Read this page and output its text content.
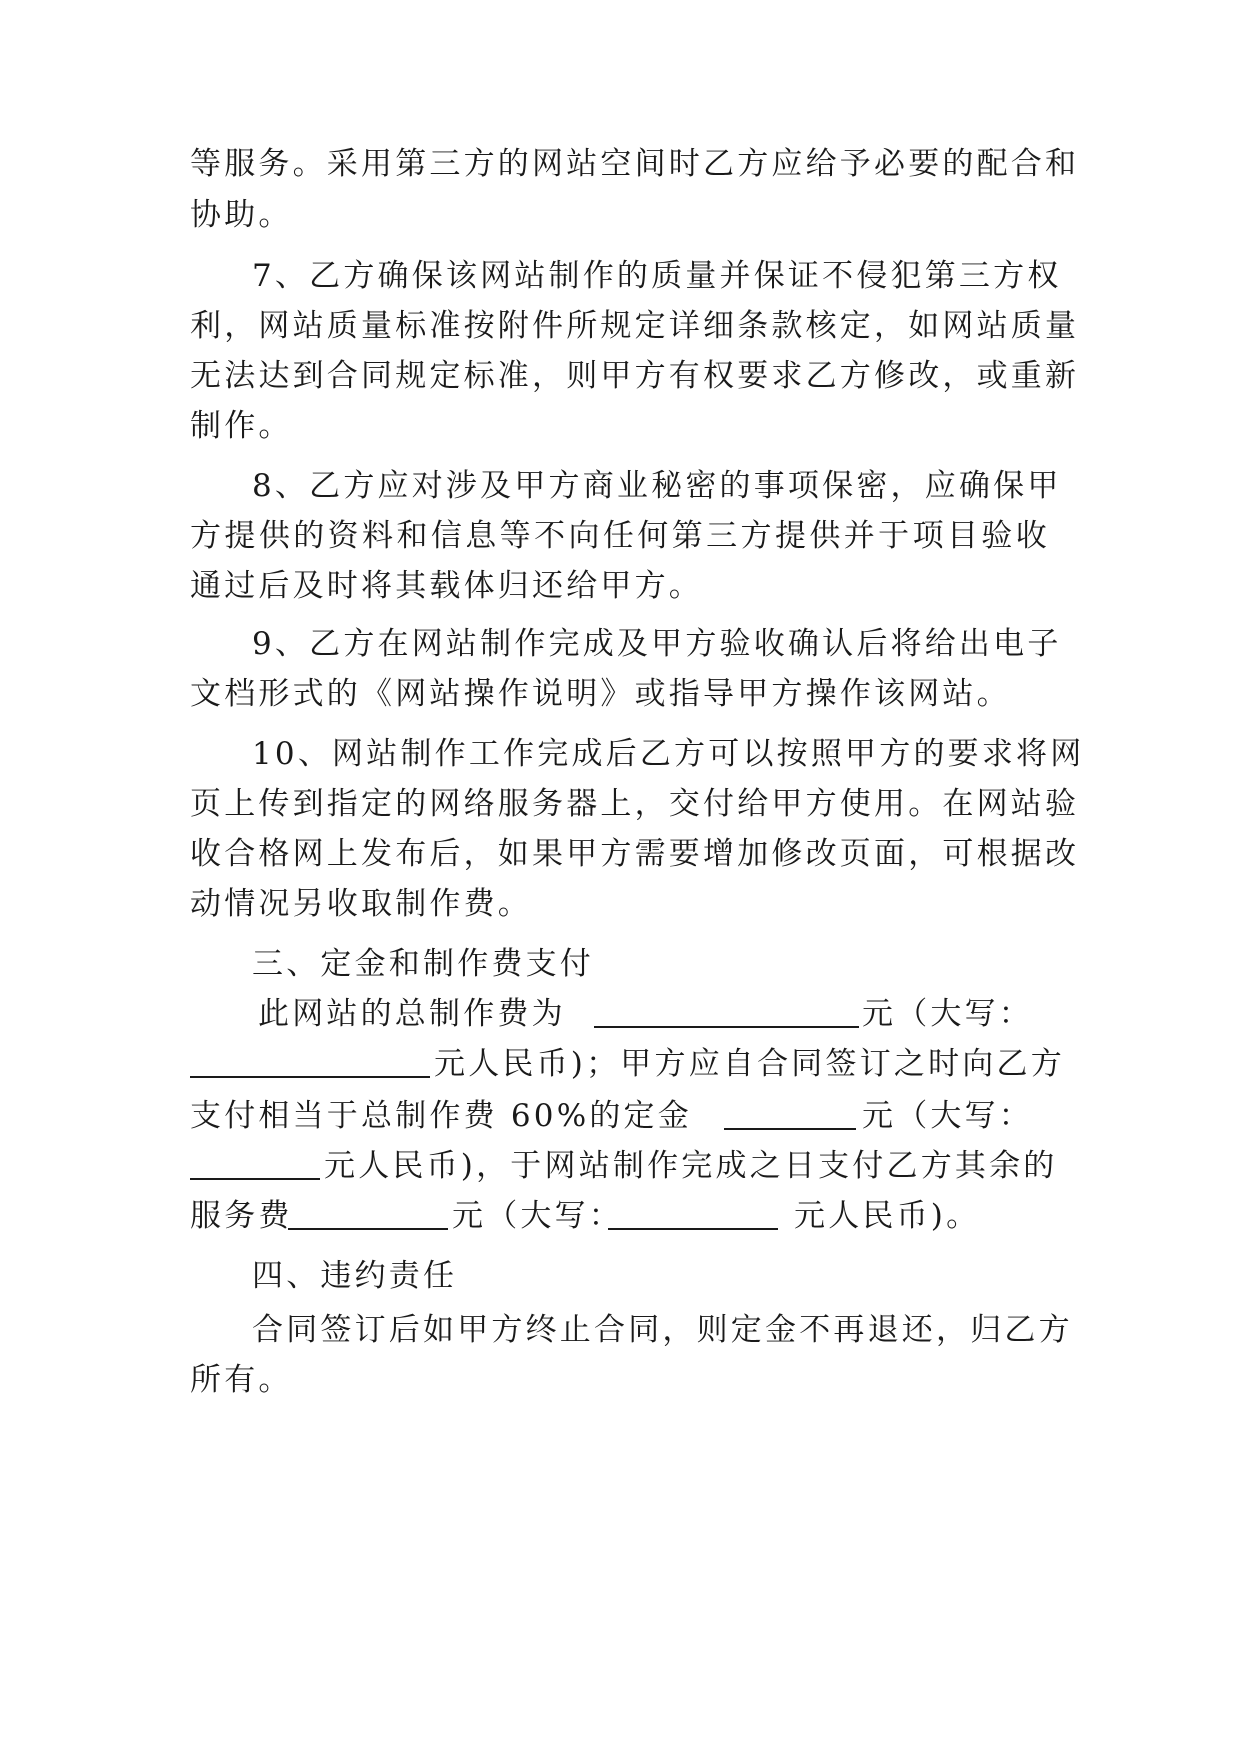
等服务。采用第三方的网站空间时乙方应给予必要的配合和
协助。
7、乙方确保该网站制作的质量并保证不侵犯第三方权
利，网站质量标准按附件所规定详细条款核定，如网站质量
无法达到合同规定标准，则甲方有权要求乙方修改，或重新
制作。
8、乙方应对涉及甲方商业秘密的事项保密，应确保甲
方提供的资料和信息等不向任何第三方提供并于项目验收
通过后及时将其载体归还给甲方。
9、乙方在网站制作完成及甲方验收确认后将给出电子
文档形式的《网站操作说明》或指导甲方操作该网站。
10、网站制作工作完成后乙方可以按照甲方的要求将网
页上传到指定的网络服务器上，交付给甲方使用。在网站验
收合格网上发布后，如果甲方需要增加修改页面，可根据改
动情况另收取制作费。
三、定金和制作费支付
此网站的总制作费为	元（大写：
元人民币)；甲方应自合同签订之时向乙方
支付相当于总制作费 60%的定金	元（大写：
元人民币)，于网站制作完成之日支付乙方其余的
服务费	元（大写：	元人民币)。
四、违约责任
合同签订后如甲方终止合同，则定金不再退还，归乙方
所有。
